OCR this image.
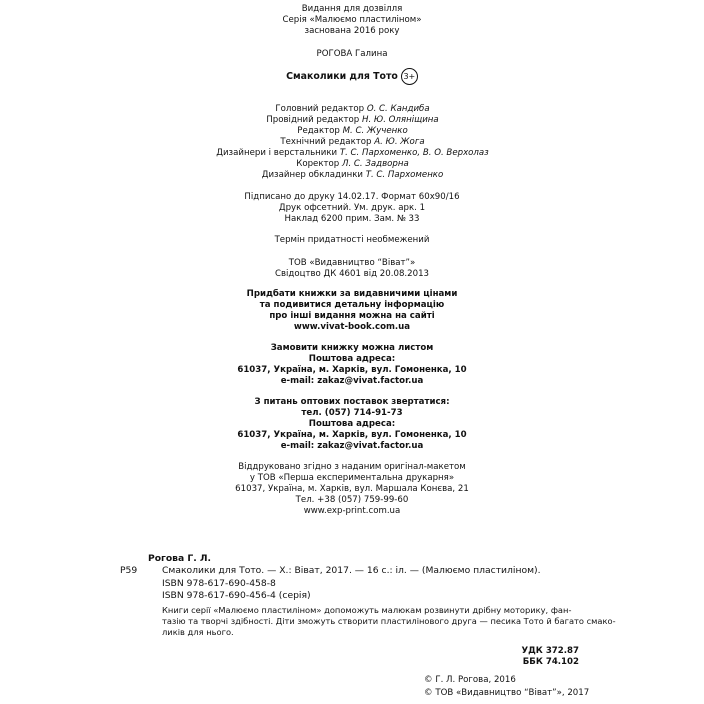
Видання для дозвілля
Серія «Малюємо пластиліном»
заснована 2016 року
РОГОВА Галина
Смаколики для Тото 3+
Головний редактор О. С. Кандиба
Провідний редактор Н. Ю. Оляніщина
Редактор М. С. Жученко
Технічний редактор А. Ю. Жога
Дизайнери і верстальники Т. С. Пархоменко, В. О. Верхолаз
Коректор Л. С. Задворна
Дизайнер обкладинки Т. С. Пархоменко
Підписано до друку 14.02.17. Формат 60х90/16
Друк офсетний. Ум. друк. арк. 1
Наклад 6200 прим. Зам. № 33
Термін придатності необмежений
ТОВ «Видавництво “Віват”»
Свідоцтво ДК 4601 від 20.08.2013
Придбати книжки за видавничими цінами
та подивитися детальну інформацію
про інші видання можна на сайті
www.vivat-book.com.ua
Замовити книжку можна листом
Поштова адреса:
61037, Україна, м. Харків, вул. Гомоненка, 10
e-mail: zakaz@vivat.factor.ua
З питань оптових поставок звертатися:
тел. (057) 714-91-73
Поштова адреса:
61037, Україна, м. Харків, вул. Гомоненка, 10
e-mail: zakaz@vivat.factor.ua
Віддруковано згідно з наданим оригінал-макетом
у ТОВ «Перша експериментальна друкарня»
61037, Україна, м. Харків, вул. Маршала Конєва, 21
Тел. +38 (057) 759-99-60
www.exp-print.com.ua
Р59
Рогова Г. Л.
Смаколики для Тото. — Х.: Віват, 2017. — 16 с.: іл. — (Малюємо пластиліном).
ISBN 978-617-690-458-8
ISBN 978-617-690-456-4 (серія)
Книги серії «Малюємо пластиліном» допоможуть малюкам розвинути дрібну моторику, фан-
тазію та творчі здібності. Діти зможуть створити пластилінового друга — песика Тото й багато смако-
ликів для нього.
УДК 372.87
ББК 74.102
© Г. Л. Рогова, 2016
© ТОВ «Видавництво “Віват”», 2017
